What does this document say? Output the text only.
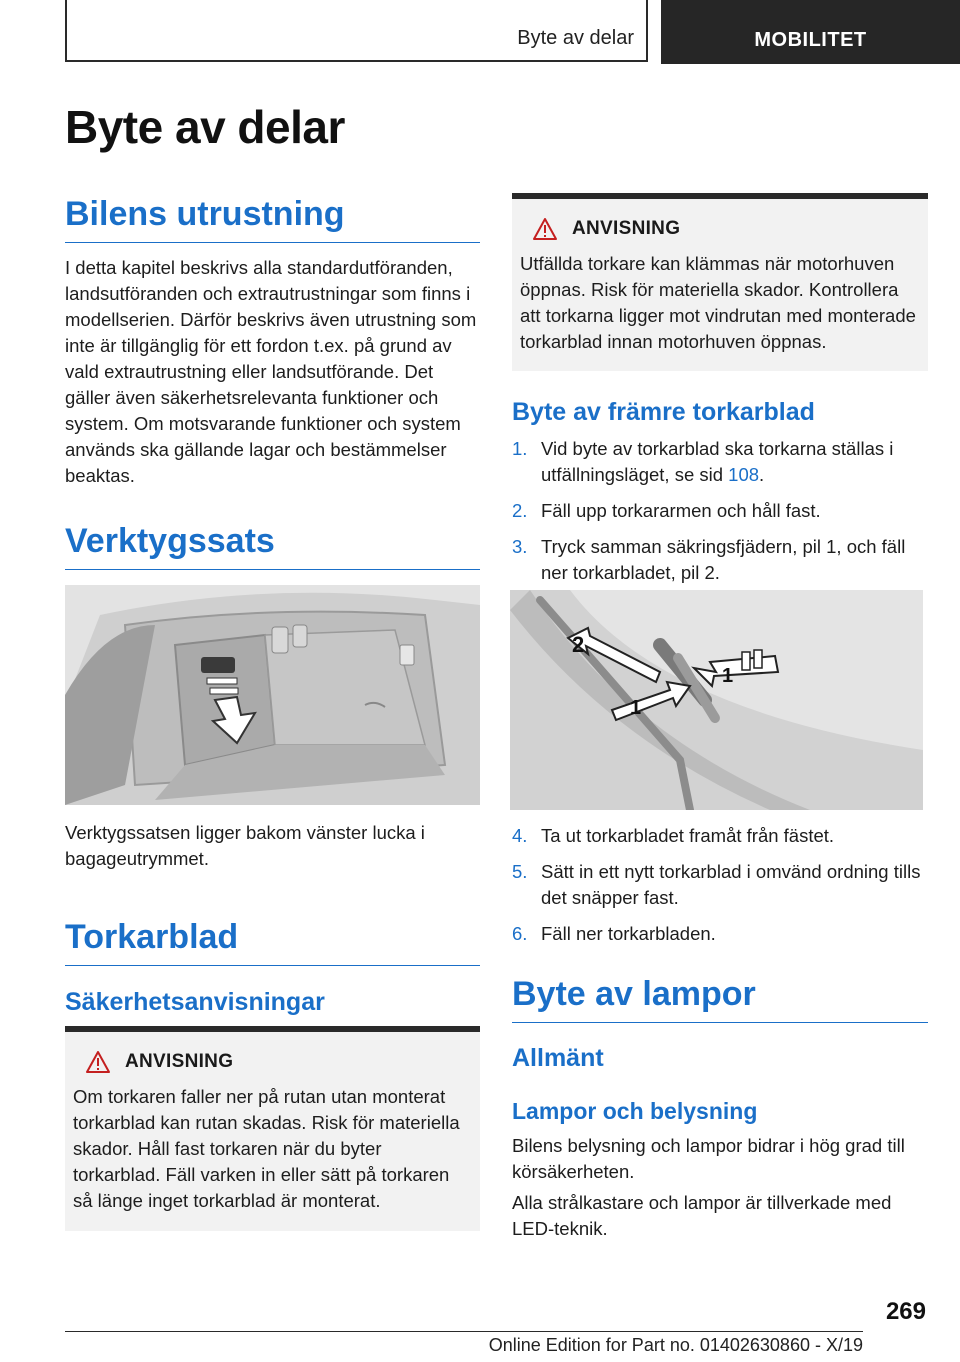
Byte av delar	MOBILITET
Byte av delar
Bilens utrustning

I detta kapitel beskrivs alla standardutföranden, landsutföranden och extrautrustningar som finns i modellserien. Därför beskrivs även utrustning som inte är tillgänglig för ett fordon t.ex. på grund av vald extrautrustning eller landsutförande. Det gäller även säkerhetsrelevanta funktioner och system. Om motsvarande funktioner och system används ska gällande lagar och bestämmelser beaktas.

Verktygssats

Verktygssatsen ligger bakom vänster lucka i bagageutrymmet.

Torkarblad
Säkerhetsanvisningar
ANVISNING

Om torkaren faller ner på rutan utan monterat torkarblad kan rutan skadas. Risk för materiella skador. Håll fast torkaren när du byter torkarblad. Fäll varken in eller sätt på torkaren så länge inget torkarblad är monterat.

ANVISNING

Utfällda torkare kan klämmas när motorhuven öppnas. Risk för materiella skador. Kontrollera att torkarna ligger mot vindrutan med monterade torkarblad innan motorhuven öppnas.

Byte av främre torkarblad
1. Vid byte av torkarblad ska torkarna ställas i utfällningsläget, se sid 108.
2. Fäll upp torkararmen och håll fast.
3. Tryck samman säkringsfjädern, pil 1, och fäll ner torkarbladet, pil 2.
2
1
1
4. Ta ut torkarbladet framåt från fästet.
5. Sätt in ett nytt torkarblad i omvänd ordning tills det snäpper fast.
6. Fäll ner torkarbladen.
Byte av lampor
Allmänt
Lampor och belysning

Bilens belysning och lampor bidrar i hög grad till körsäkerheten.

Alla strålkastare och lampor är tillverkade med LED-teknik.

269
Online Edition for Part no. 01402630860 - X/19
